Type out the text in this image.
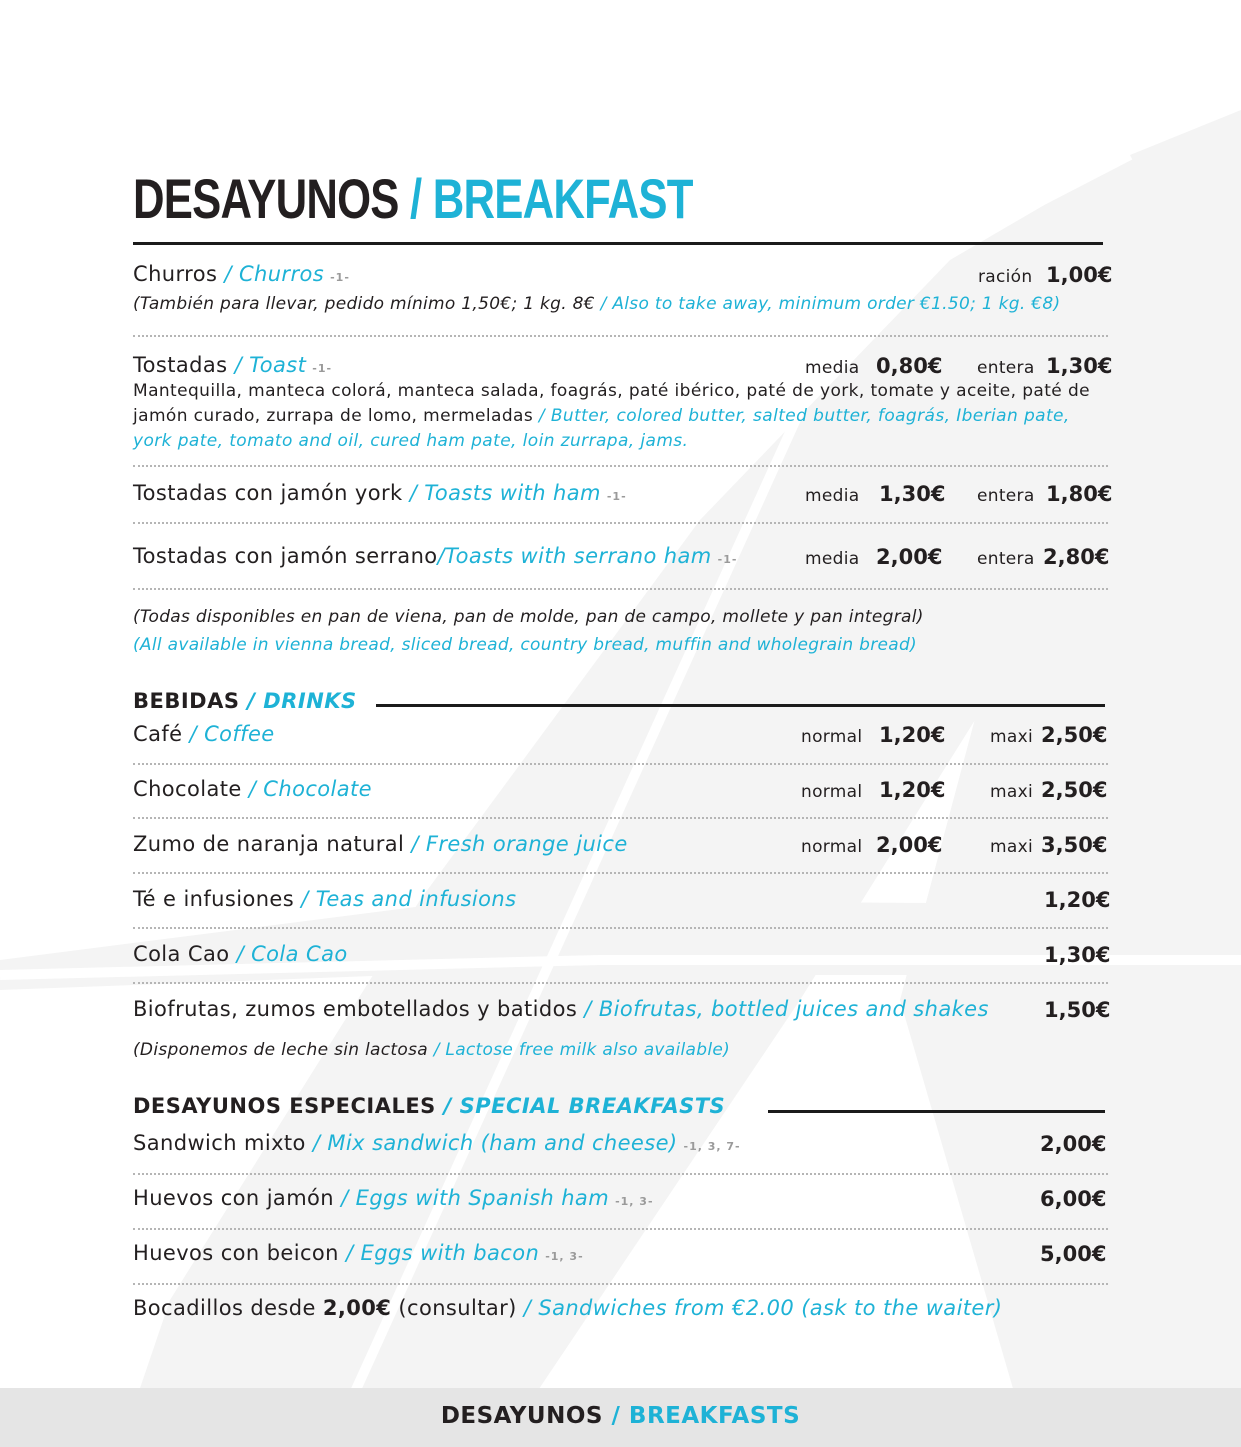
DESAYUNOS / BREAKFAST
Churros / Churros -1-	ración 1,00€
(También para llevar, pedido mínimo 1,50€; 1 kg. 8€ / Also to take away, minimum order €1.50; 1 kg. €8)
Tostadas / Toast -1-	media 0,80€ entera 1,30€
Mantequilla, manteca colorá, manteca salada, foagrás, paté ibérico, paté de york, tomate y aceite, paté de jamón curado, zurrapa de lomo, mermeladas / Butter, colored butter, salted butter, foagrás, Iberian pate, york pate, tomato and oil, cured ham pate, loin zurrapa, jams.
Tostadas con jamón york / Toasts with ham -1-	media 1,30€ entera 1,80€
Tostadas con jamón serrano/Toasts with serrano ham -1-	media 2,00€ entera 2,80€
(Todas disponibles en pan de viena, pan de molde, pan de campo, mollete y pan integral)
(All available in vienna bread, sliced bread, country bread, muffin and wholegrain bread)
BEBIDAS / DRINKS
Café / Coffee	normal 1,20€	maxi 2,50€
Chocolate / Chocolate	normal 1,20€	maxi 2,50€
Zumo de naranja natural / Fresh orange juice	normal 2,00€	maxi 3,50€
Té e infusiones / Teas and infusions	1,20€
Cola Cao / Cola Cao	1,30€
Biofrutas, zumos embotellados y batidos / Biofrutas, bottled juices and shakes	1,50€
(Disponemos de leche sin lactosa / Lactose free milk also available)
DESAYUNOS ESPECIALES / SPECIAL BREAKFASTS
Sandwich mixto / Mix sandwich (ham and cheese) -1, 3, 7-	2,00€
Huevos con jamón / Eggs with Spanish ham -1, 3-	6,00€
Huevos con beicon / Eggs with bacon -1, 3-	5,00€
Bocadillos desde 2,00€ (consultar) / Sandwiches from €2.00 (ask to the waiter)
DESAYUNOS / BREAKFASTS
